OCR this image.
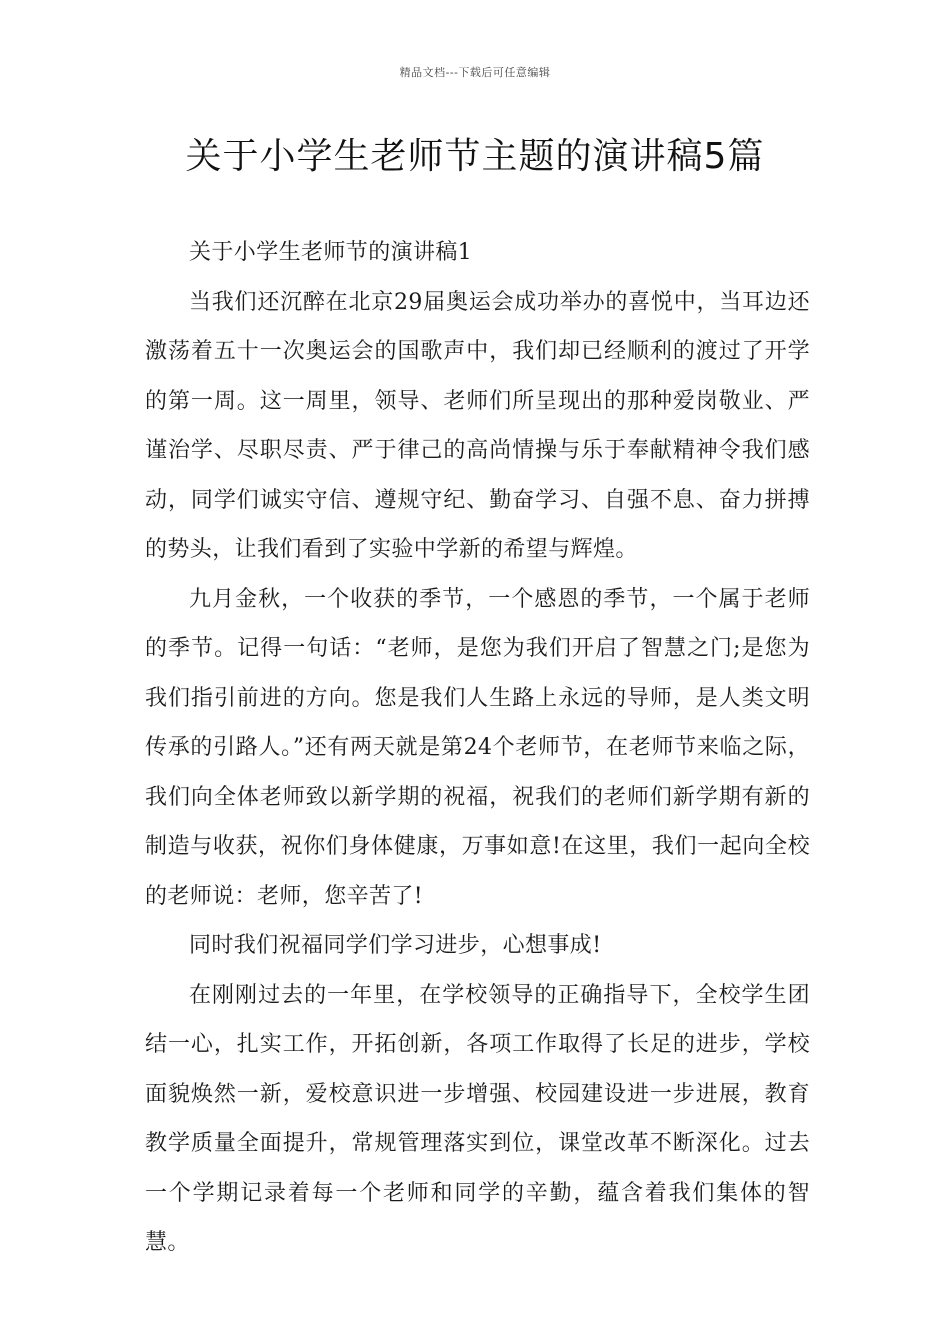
精品文档---下载后可任意编辑
关于小学生老师节主题的演讲稿5篇

关于小学生老师节的演讲稿1

当我们还沉醉在北京29届奥运会成功举办的喜悦中，当耳边还激荡着五十一次奥运会的国歌声中，我们却已经顺利的渡过了开学的第一周。这一周里，领导、老师们所呈现出的那种爱岗敬业、严谨治学、尽职尽责、严于律己的高尚情操与乐于奉献精神令我们感动，同学们诚实守信、遵规守纪、勤奋学习、自强不息、奋力拼搏的势头，让我们看到了实验中学新的希望与辉煌。

九月金秋，一个收获的季节，一个感恩的季节，一个属于老师的季节。记得一句话：“老师，是您为我们开启了智慧之门;是您为我们指引前进的方向。您是我们人生路上永远的导师，是人类文明传承的引路人。”还有两天就是第24个老师节，在老师节来临之际，我们向全体老师致以新学期的祝福，祝我们的老师们新学期有新的制造与收获，祝你们身体健康，万事如意!在这里，我们一起向全校的老师说：老师，您辛苦了!

同时我们祝福同学们学习进步，心想事成!

在刚刚过去的一年里，在学校领导的正确指导下，全校学生团结一心，扎实工作，开拓创新，各项工作取得了长足的进步，学校面貌焕然一新，爱校意识进一步增强、校园建设进一步进展，教育教学质量全面提升，常规管理落实到位，课堂改革不断深化。过去一个学期记录着每一个老师和同学的辛勤，蕴含着我们集体的智慧。
